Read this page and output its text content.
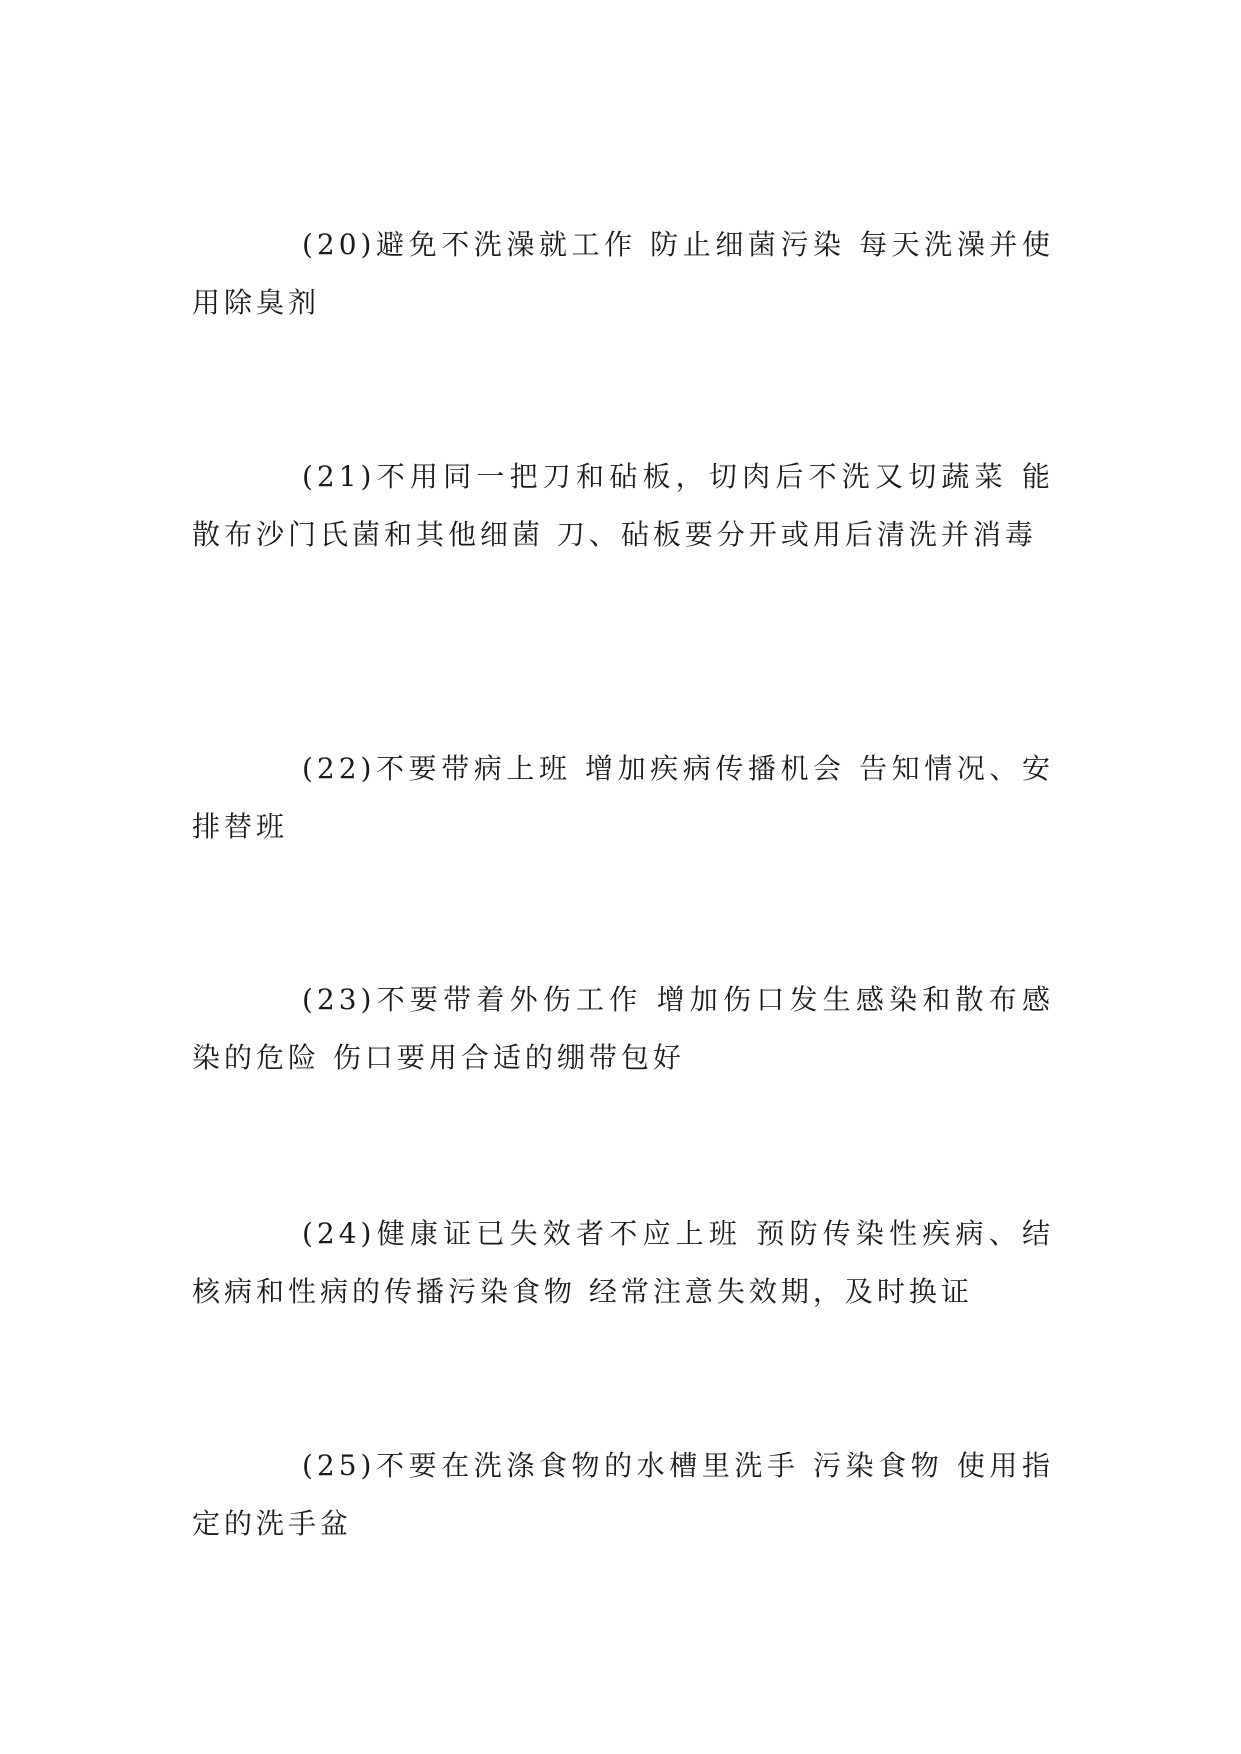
(20)避免不洗澡就工作 防止细菌污染 每天洗澡并使用除臭剂

(21)不用同一把刀和砧板，切肉后不洗又切蔬菜 能散布沙门氏菌和其他细菌 刀、砧板要分开或用后清洗并消毒

(22)不要带病上班 增加疾病传播机会 告知情况、安排替班

(23)不要带着外伤工作 增加伤口发生感染和散布感染的危险 伤口要用合适的绷带包好

(24)健康证已失效者不应上班 预防传染性疾病、结核病和性病的传播污染食物 经常注意失效期，及时换证

(25)不要在洗涤食物的水槽里洗手 污染食物 使用指定的洗手盆
